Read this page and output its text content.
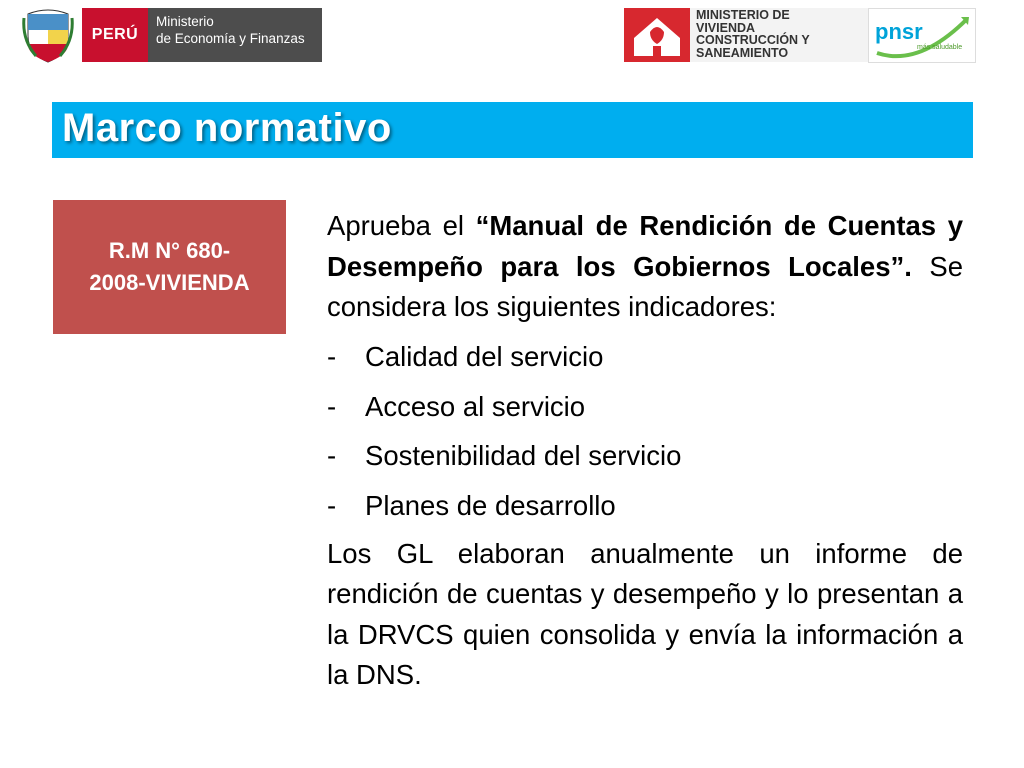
PERÚ
Ministerio
de Economía y Finanzas
MINISTERIO DE
VIVIENDA
CONSTRUCCIÓN Y
SANEAMIENTO
pnsr
más saludable
Marco normativo
R.M N° 680-
2008-VIVIENDA

Aprueba el “Manual de Rendición de Cuentas y Desempeño para los Gobiernos Locales”. Se considera los siguientes indicadores:

-	Calidad del servicio
-	Acceso al servicio
-	Sostenibilidad del servicio
-	Planes de desarrollo

Los GL elaboran anualmente un informe de rendición de cuentas y desempeño y lo presentan a la DRVCS quien consolida y envía la información a la DNS.
